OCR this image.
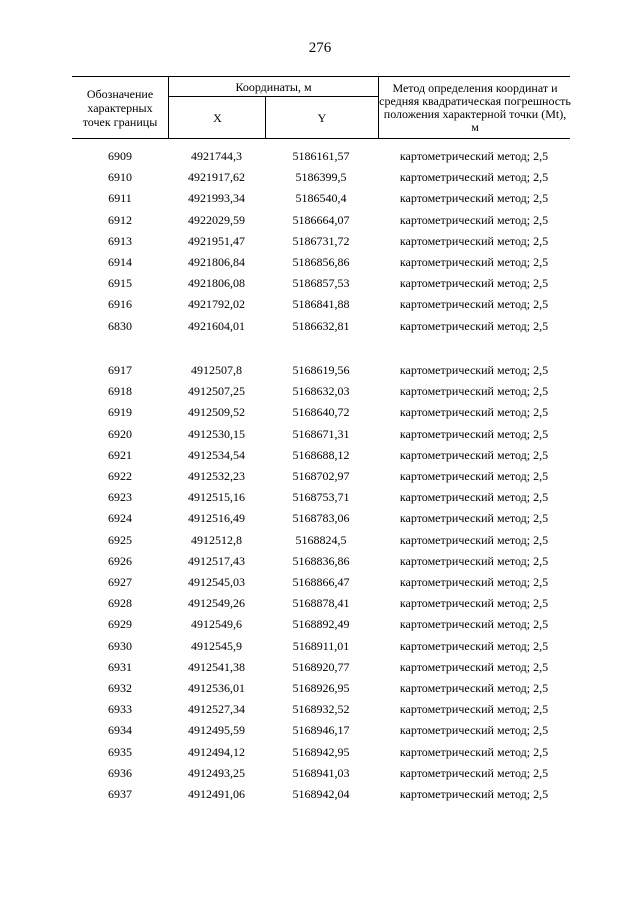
276
Обозначение характерных точек границы
Координаты, м
X	Y
Метод определения координат и средняя квадратическая погрешность положения характерной точки (Mt), м
6909	4921744,3	5186161,57	картометрический метод; 2,5
6910	4921917,62	5186399,5	картометрический метод; 2,5
6911	4921993,34	5186540,4	картометрический метод; 2,5
6912	4922029,59	5186664,07	картометрический метод; 2,5
6913	4921951,47	5186731,72	картометрический метод; 2,5
6914	4921806,84	5186856,86	картометрический метод; 2,5
6915	4921806,08	5186857,53	картометрический метод; 2,5
6916	4921792,02	5186841,88	картометрический метод; 2,5
6830	4921604,01	5186632,81	картометрический метод; 2,5
6917	4912507,8	5168619,56	картометрический метод; 2,5
6918	4912507,25	5168632,03	картометрический метод; 2,5
6919	4912509,52	5168640,72	картометрический метод; 2,5
6920	4912530,15	5168671,31	картометрический метод; 2,5
6921	4912534,54	5168688,12	картометрический метод; 2,5
6922	4912532,23	5168702,97	картометрический метод; 2,5
6923	4912515,16	5168753,71	картометрический метод; 2,5
6924	4912516,49	5168783,06	картометрический метод; 2,5
6925	4912512,8	5168824,5	картометрический метод; 2,5
6926	4912517,43	5168836,86	картометрический метод; 2,5
6927	4912545,03	5168866,47	картометрический метод; 2,5
6928	4912549,26	5168878,41	картометрический метод; 2,5
6929	4912549,6	5168892,49	картометрический метод; 2,5
6930	4912545,9	5168911,01	картометрический метод; 2,5
6931	4912541,38	5168920,77	картометрический метод; 2,5
6932	4912536,01	5168926,95	картометрический метод; 2,5
6933	4912527,34	5168932,52	картометрический метод; 2,5
6934	4912495,59	5168946,17	картометрический метод; 2,5
6935	4912494,12	5168942,95	картометрический метод; 2,5
6936	4912493,25	5168941,03	картометрический метод; 2,5
6937	4912491,06	5168942,04	картометрический метод; 2,5
